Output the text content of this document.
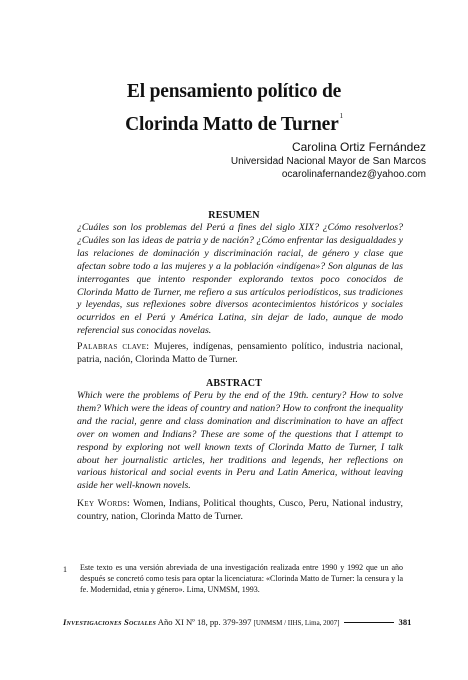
El pensamiento político de
Clorinda Matto de Turner$^1$
Carolina Ortiz Fernández
Universidad Nacional Mayor de San Marcos
ocarolinafernandez@yahoo.com
RESUMEN
¿Cuáles son los problemas del Perú a fines del siglo XIX? ¿Cómo resolverlos? ¿Cuáles son las ideas de patria y de nación? ¿Cómo enfrentar las desigualdades y las relaciones de dominación y discriminación racial, de género y clase que afectan sobre todo a las mujeres y a la población «indígena»? Son algunas de las interrogantes que intento responder explorando textos poco conocidos de Clorinda Matto de Turner, me refiero a sus artículos periodísticos, sus tradiciones y leyendas, sus reflexiones sobre diversos acontecimientos históricos y sociales ocurridos en el Perú y América Latina, sin dejar de lado, aunque de modo referencial sus conocidas novelas.
Palabras clave: Mujeres, indígenas, pensamiento político, industria nacional, patria, nación, Clorinda Matto de Turner.
ABSTRACT
Which were the problems of Peru by the end of the 19th. century? How to solve them? Which were the ideas of country and nation? How to confront the inequality and the racial, genre and class domination and discrimination to have an affect over on women and Indians? These are some of the questions that I attempt to respond by exploring not well known texts of Clorinda Matto de Turner, I talk about her journalistic articles, her traditions and legends, her reflections on various historical and social events in Peru and Latin America, without leaving aside her well-known novels.
Key Words: Women, Indians, Political thoughts, Cusco, Peru, National industry, country, nation, Clorinda Matto de Turner.
1 Este texto es una versión abreviada de una investigación realizada entre 1990 y 1992 que un año después se concretó como tesis para optar la licenciatura: «Clorinda Matto de Turner: la censura y la fe. Modernidad, etnia y género». Lima, UNMSM, 1993.
Investigaciones Sociales Año XI Nº 18, pp. 379-397 [UNMSM / IIHS, Lima, 2007]	381
